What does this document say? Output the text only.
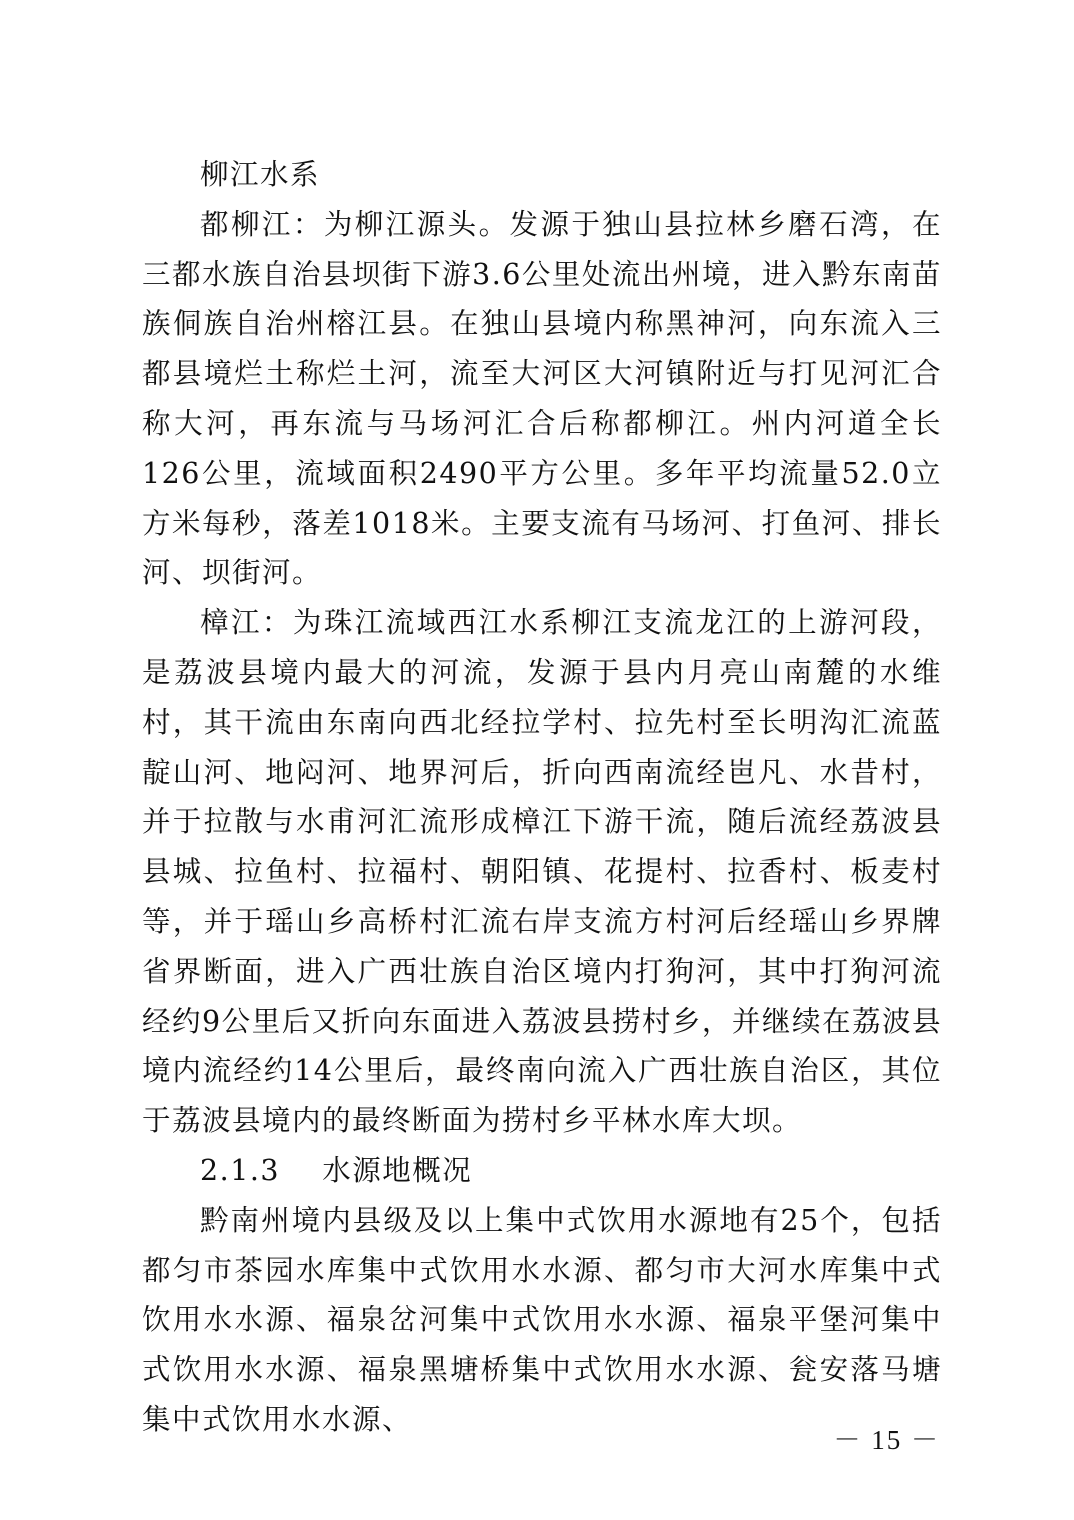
柳江水系

都柳江：为柳江源头。发源于独山县拉林乡磨石湾，在三都水族自治县坝街下游3.6公里处流出州境，进入黔东南苗族侗族自治州榕江县。在独山县境内称黑神河，向东流入三都县境烂土称烂土河，流至大河区大河镇附近与打见河汇合称大河，再东流与马场河汇合后称都柳江。州内河道全长126公里，流域面积2490平方公里。多年平均流量52.0立方米每秒，落差1018米。主要支流有马场河、打鱼河、排长河、坝街河。

樟江：为珠江流域西江水系柳江支流龙江的上游河段，是荔波县境内最大的河流，发源于县内月亮山南麓的水维村，其干流由东南向西北经拉学村、拉先村至长明沟汇流蓝靛山河、地闷河、地界河后，折向西南流经岜凡、水昔村，并于拉散与水甫河汇流形成樟江下游干流，随后流经荔波县县城、拉鱼村、拉福村、朝阳镇、花提村、拉香村、板麦村等，并于瑶山乡高桥村汇流右岸支流方村河后经瑶山乡界牌省界断面，进入广西壮族自治区境内打狗河，其中打狗河流经约9公里后又折向东面进入荔波县捞村乡，并继续在荔波县境内流经约14公里后，最终南向流入广西壮族自治区，其位于荔波县境内的最终断面为捞村乡平林水库大坝。

2.1.3 水源地概况

黔南州境内县级及以上集中式饮用水源地有25个，包括都匀市茶园水库集中式饮用水水源、都匀市大河水库集中式饮用水水源、福泉岔河集中式饮用水水源、福泉平堡河集中式饮用水水源、福泉黑塘桥集中式饮用水水源、瓮安落马塘集中式饮用水水源、

－ 15 －
